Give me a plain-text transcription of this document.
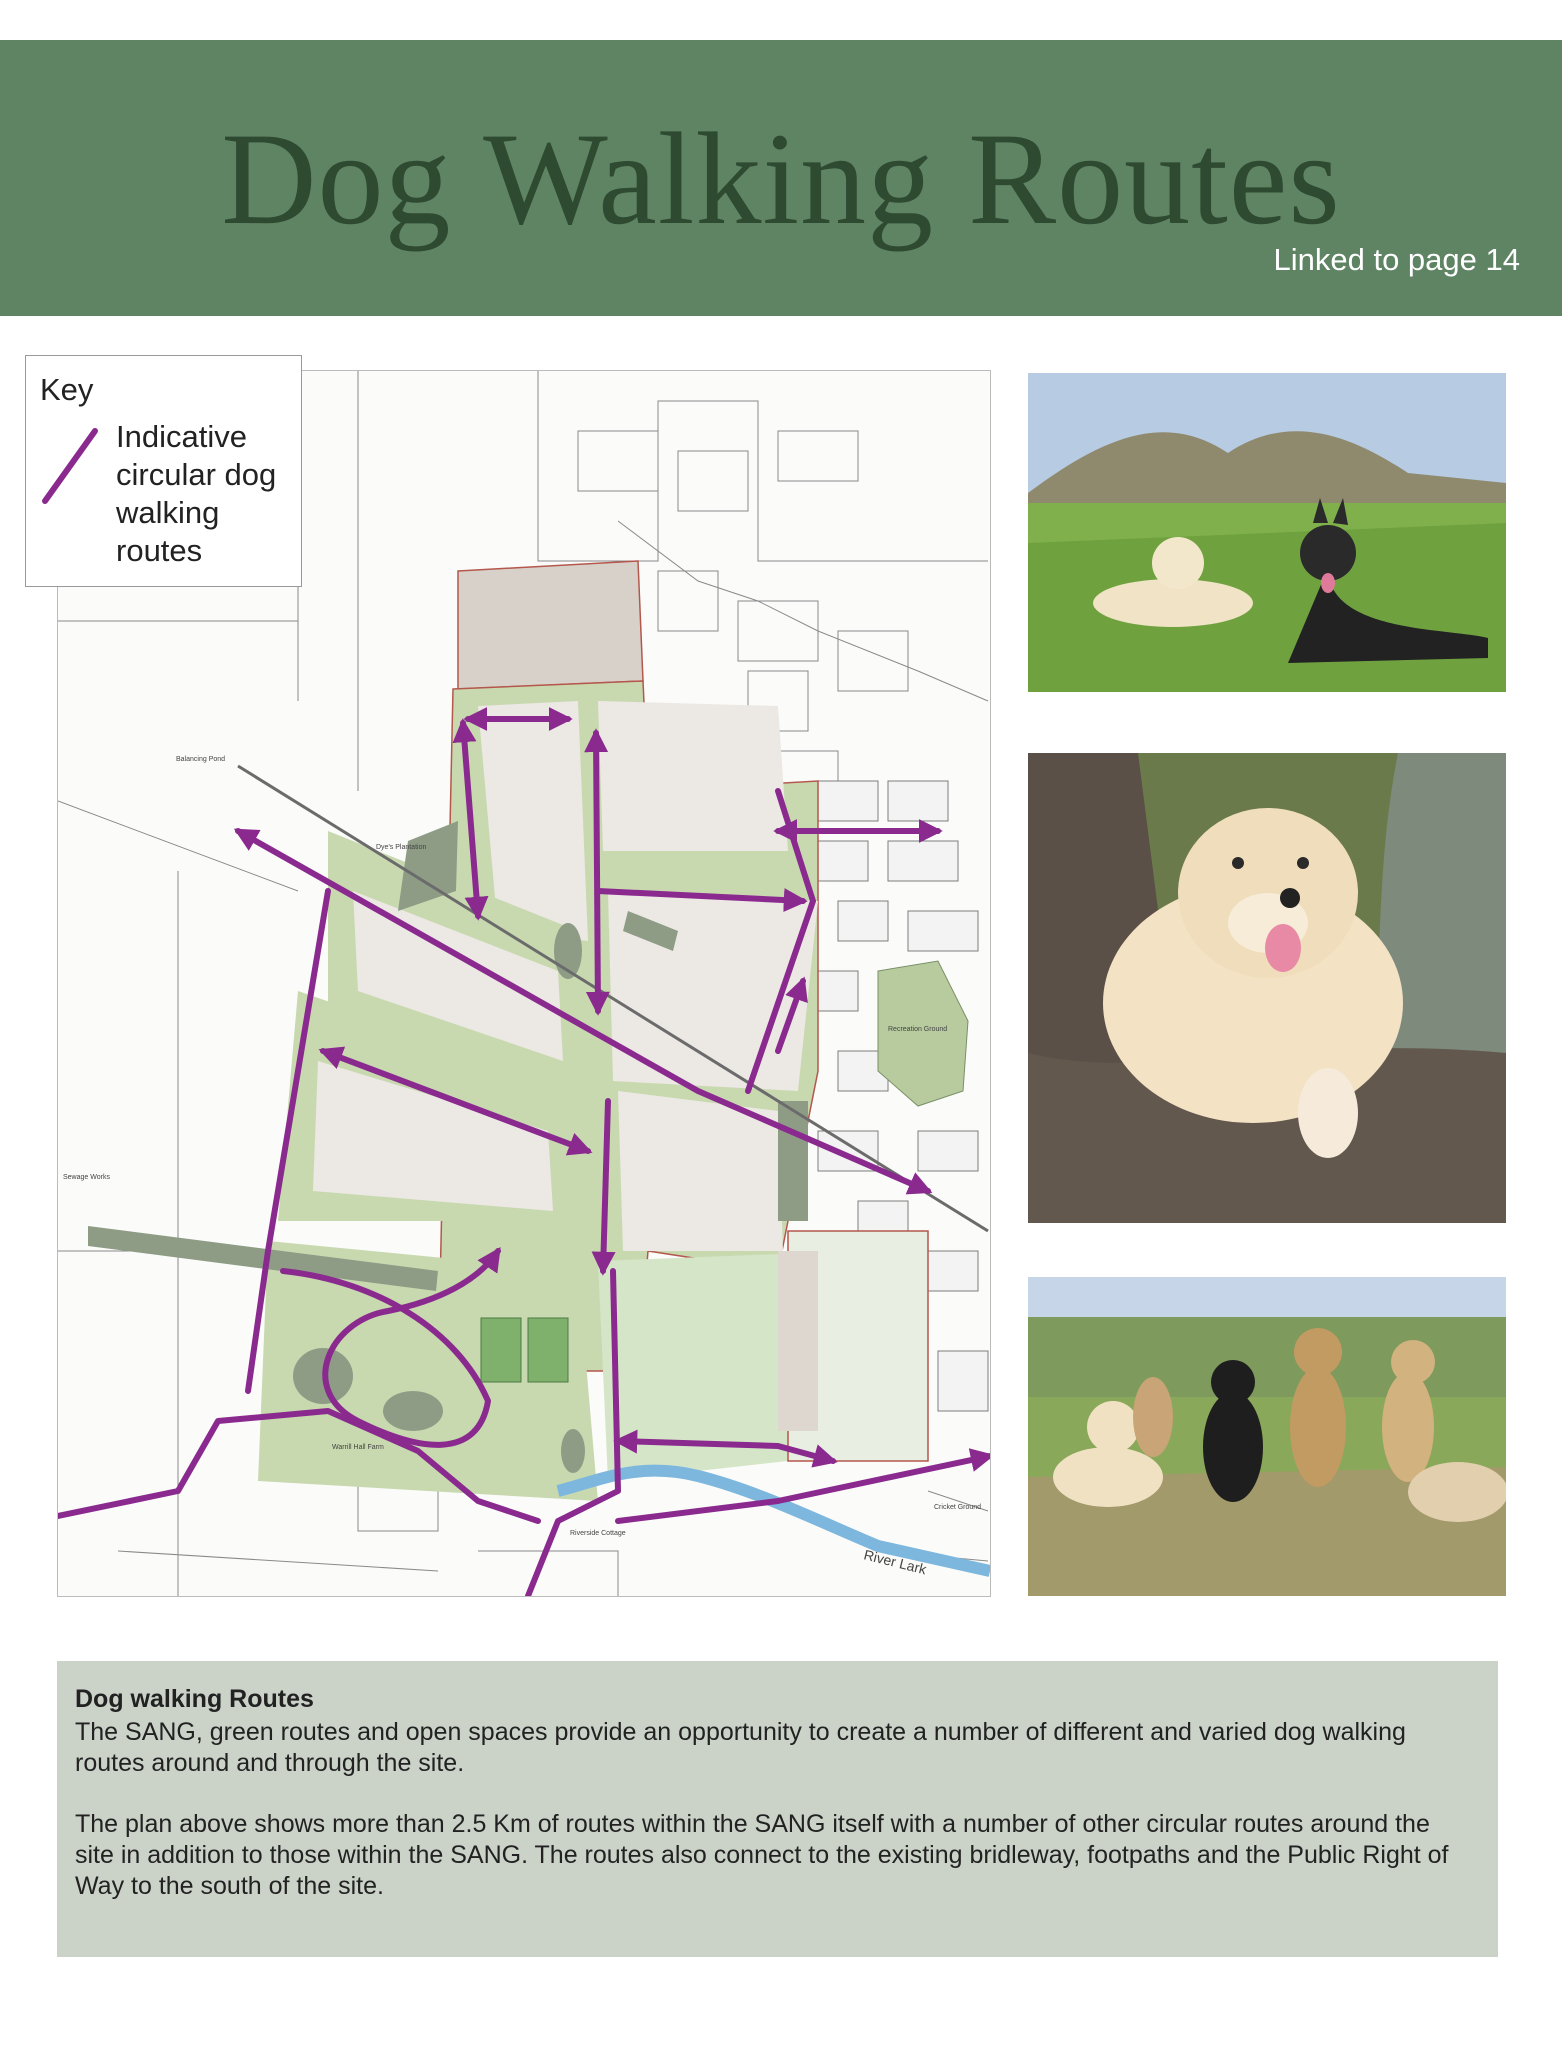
Dog Walking Routes
Linked to page 14
Dye's Plantation
Recreation Ground
Warrill Hall Farm
Riverside Cottage
Sewage Works
Balancing Pond
Cricket Ground
River Lark
Key
Indicative circular dog walking routes
Dog walking Routes

The SANG, green routes and open spaces provide an opportunity to create a number of different and varied dog walking routes around and through the site.

The plan above shows more than 2.5 Km of routes within the SANG itself with a number of other circular routes around the site in addition to those within the SANG. The routes also connect to the existing bridleway, footpaths and the Public Right of Way to the south of the site.
